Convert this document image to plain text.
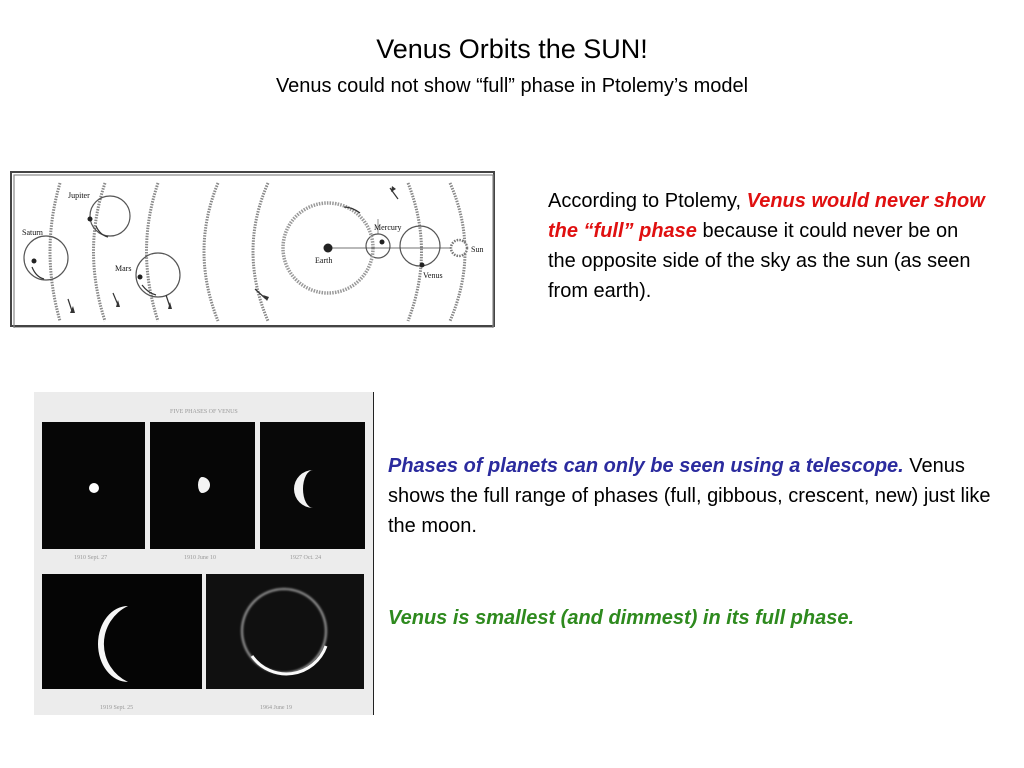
Venus Orbits the SUN!
Venus could not show “full” phase in Ptolemy’s model
Jupiter
Saturn
Mars
Earth
Mercury
Venus
Sun
According to Ptolemy, Venus would never show the “full” phase because it could never be on the opposite side of the sky as the sun (as seen from earth).
FIVE PHASES OF VENUS
1910 Sept. 27	1910 June 10	1927 Oct. 24
1919 Sept. 25	1964 June 19
Phases of planets can only be seen using a telescope. Venus shows the full range of phases (full, gibbous, crescent, new) just like the moon.
Venus is smallest (and dimmest) in its full phase.
